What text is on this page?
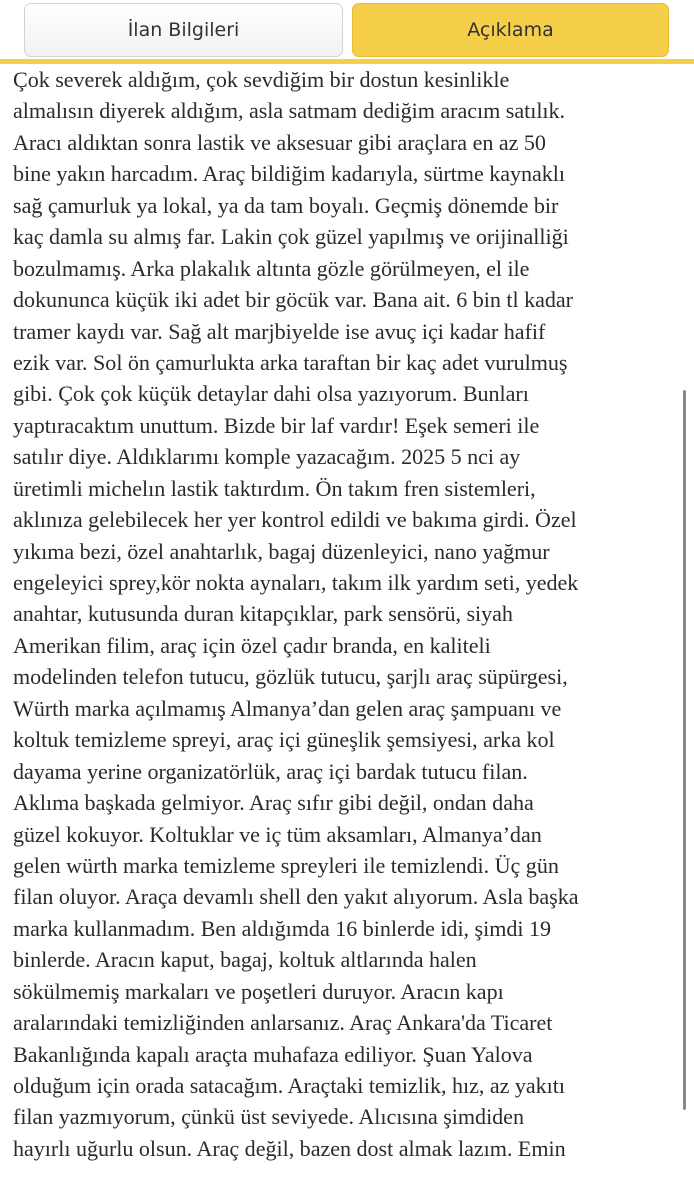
İlan Bilgileri	Açıklama
Çok severek aldığım, çok sevdiğim bir dostun kesinlikle
almalısın diyerek aldığım, asla satmam dediğim aracım satılık.
Aracı aldıktan sonra lastik ve aksesuar gibi araçlara en az 50
bine yakın harcadım. Araç bildiğim kadarıyla, sürtme kaynaklı
sağ çamurluk ya lokal, ya da tam boyalı. Geçmiş dönemde bir
kaç damla su almış far. Lakin çok güzel yapılmış ve orijinalliği
bozulmamış. Arka plakalık altınta gözle görülmeyen, el ile
dokununca küçük iki adet bir göcük var. Bana ait. 6 bin tl kadar
tramer kaydı var. Sağ alt marjbiyelde ise avuç içi kadar hafif
ezik var. Sol ön çamurlukta arka taraftan bir kaç adet vurulmuş
gibi. Çok çok küçük detaylar dahi olsa yazıyorum. Bunları
yaptıracaktım unuttum. Bizde bir laf vardır! Eşek semeri ile
satılır diye. Aldıklarımı komple yazacağım. 2025 5 nci ay
üretimli michelın lastik taktırdım. Ön takım fren sistemleri,
aklınıza gelebilecek her yer kontrol edildi ve bakıma girdi. Özel
yıkıma bezi, özel anahtarlık, bagaj düzenleyici, nano yağmur
engeleyici sprey,kör nokta aynaları, takım ilk yardım seti, yedek
anahtar, kutusunda duran kitapçıklar, park sensörü, siyah
Amerikan filim, araç için özel çadır branda, en kaliteli
modelinden telefon tutucu, gözlük tutucu, şarjlı araç süpürgesi,
Würth marka açılmamış Almanya’dan gelen araç şampuanı ve
koltuk temizleme spreyi, araç içi güneşlik şemsiyesi, arka kol
dayama yerine organizatörlük, araç içi bardak tutucu filan.
Aklıma başkada gelmiyor. Araç sıfır gibi değil, ondan daha
güzel kokuyor. Koltuklar ve iç tüm aksamları, Almanya’dan
gelen würth marka temizleme spreyleri ile temizlendi. Üç gün
filan oluyor. Araça devamlı shell den yakıt alıyorum. Asla başka
marka kullanmadım. Ben aldığımda 16 binlerde idi, şimdi 19
binlerde. Aracın kaput, bagaj, koltuk altlarında halen
sökülmemiş markaları ve poşetleri duruyor. Aracın kapı
aralarındaki temizliğinden anlarsanız. Araç Ankara'da Ticaret
Bakanlığında kapalı araçta muhafaza ediliyor. Şuan Yalova
olduğum için orada satacağım. Araçtaki temizlik, hız, az yakıtı
filan yazmıyorum, çünkü üst seviyede. Alıcısına şimdiden
hayırlı uğurlu olsun. Araç değil, bazen dost almak lazım. Emin
